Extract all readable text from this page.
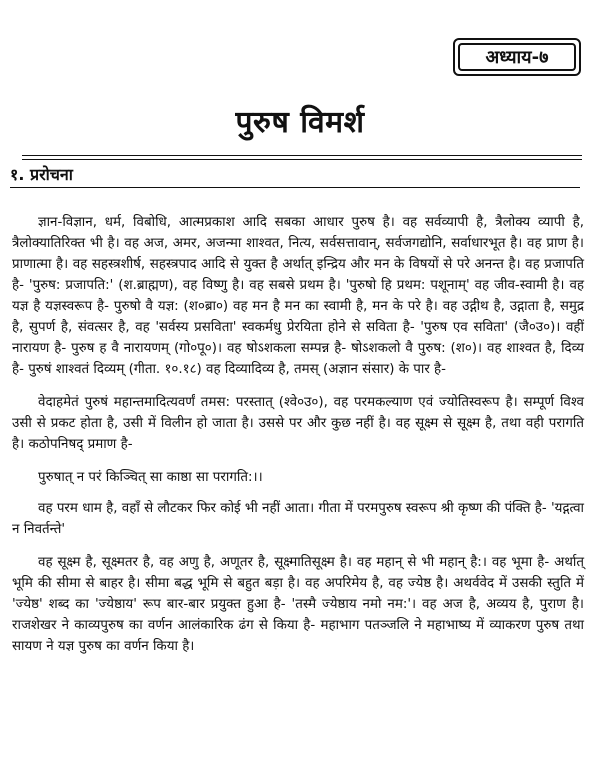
अध्याय-७
पुरुष विमर्श
१. प्ररोचना

ज्ञान-विज्ञान, धर्म, विबोधि, आत्मप्रकाश आदि सबका आधार पुरुष है। वह सर्वव्यापी है, त्रैलोक्य व्यापी है, त्रैलोक्यातिरिक्त भी है। वह अज, अमर, अजन्मा शाश्वत, नित्य, सर्वसत्तावान्, सर्वजगद्योनि, सर्वाधारभूत है। वह प्राण है। प्राणात्मा है। वह सहस्त्रशीर्ष, सहस्त्रपाद आदि से युक्त है अर्थात् इन्द्रिय और मन के विषयों से परे अनन्त है। वह प्रजापति है- 'पुरुष: प्रजापति:' (श.ब्राह्मण), वह विष्णु है। वह सबसे प्रथम है। 'पुरुषो हि प्रथम: पशूनाम्' वह जीव-स्वामी है। वह यज्ञ है यज्ञस्वरूप है- पुरुषो वै यज्ञ: (श०ब्रा०) वह मन है मन का स्वामी है, मन के परे है। वह उद्गीथ है, उद्गाता है, समुद्र है, सुपर्ण है, संवत्सर है, वह 'सर्वस्य प्रसविता' स्वकर्मधु प्रेरयिता होने से सविता है- 'पुरुष एव सविता' (जै०उ०)। वहीं नारायण है- पुरुष ह वै नारायणम् (गो०पू०)। वह षोऽशकला सम्पन्न है- षोऽशकलो वै पुरुष: (श०)। वह शाश्वत है, दिव्य है- पुरुषं शाश्वतं दिव्यम् (गीता. १०.१८) वह दिव्यादिव्य है, तमस् (अज्ञान संसार) के पार है-

वेदाहमेतं पुरुषं महान्तमादित्यवर्णं तमस: परस्तात् (श्वे०उ०), वह परमकल्याण एवं ज्योतिस्वरूप है। सम्पूर्ण विश्व उसी से प्रकट होता है, उसी में विलीन हो जाता है। उससे पर और कुछ नहीं है। वह सूक्ष्म से सूक्ष्म है, तथा वही परागति है। कठोपनिषद् प्रमाण है-

पुरुषात् न परं किञ्चित् सा काष्ठा सा परागति:।।

वह परम धाम है, वहाँ से लौटकर फिर कोई भी नहीं आता। गीता में परमपुरुष स्वरूप श्री कृष्ण की पंक्ति है- 'यद्गत्वा न निवर्तन्ते'

वह सूक्ष्म है, सूक्ष्मतर है, वह अणु है, अणूतर है, सूक्ष्मातिसूक्ष्म है। वह महान् से भी महान् है:। वह भूमा है- अर्थात् भूमि की सीमा से बाहर है। सीमा बद्ध भूमि से बहुत बड़ा है। वह अपरिमेय है, वह ज्येष्ठ है। अथर्ववेद में उसकी स्तुति में 'ज्येष्ठ' शब्द का 'ज्येष्ठाय' रूप बार-बार प्रयुक्त हुआ है- 'तस्मै ज्येष्ठाय नमो नम:'। वह अज है, अव्यय है, पुराण है। राजशेखर ने काव्यपुरुष का वर्णन आलंकारिक ढंग से किया है- महाभाग पतञ्जलि ने महाभाष्य में व्याकरण पुरुष तथा सायण ने यज्ञ पुरुष का वर्णन किया है।
